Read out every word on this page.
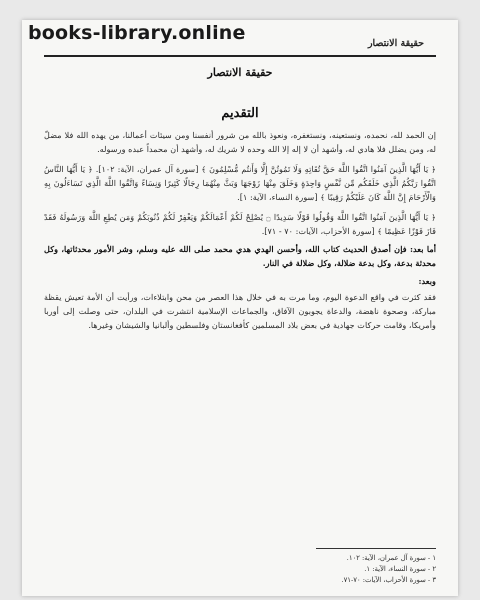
books-library.online	حقيقة الانتصار
حقيقة الانتصار
التقديم

إن الحمد لله، نحمده، ونستعينه، ونستغفره، ونعوذ بالله من شرور أنفسنا ومن سيئات أعمالنا، من يهده الله فلا مضلّ له، ومن يضلل فلا هادي له، وأشهد أن لا إله إلا الله وحده لا شريك له، وأشهد أن محمداً عبده ورسوله.

﴿ يَا أَيُّهَا الَّذِينَ آمَنُوا اتَّقُوا اللَّهَ حَقَّ تُقَاتِهِ وَلَا تَمُوتُنَّ إِلَّا وَأَنتُم مُّسْلِمُونَ ﴾ [سورة آل عمران، الآية: ١٠٢]. ﴿ يَا أَيُّهَا النَّاسُ اتَّقُوا رَبَّكُمُ الَّذِي خَلَقَكُم مِّن نَّفْسٍ وَاحِدَةٍ وَخَلَقَ مِنْهَا زَوْجَهَا وَبَثَّ مِنْهُمَا رِجَالًا كَثِيرًا وَنِسَاءً وَاتَّقُوا اللَّهَ الَّذِي تَسَاءَلُونَ بِهِ وَالْأَرْحَامَ إِنَّ اللَّهَ كَانَ عَلَيْكُمْ رَقِيبًا ﴾ [سورة النساء، الآية: ١].

﴿ يَا أَيُّهَا الَّذِينَ آمَنُوا اتَّقُوا اللَّهَ وَقُولُوا قَوْلًا سَدِيدًا ۝ يُصْلِحْ لَكُمْ أَعْمَالَكُمْ وَيَغْفِرْ لَكُمْ ذُنُوبَكُمْ وَمَن يُطِعِ اللَّهَ وَرَسُولَهُ فَقَدْ فَازَ فَوْزًا عَظِيمًا ﴾ [سورة الأحزاب، الآيات: ٧٠ - ٧١].

أما بعد: فإن أصدق الحديث كتاب الله، وأحسن الهدي هدي محمد صلى الله عليه وسلم، وشر الأمور محدثاتها، وكل محدثة بدعة، وكل بدعة ضلالة، وكل ضلالة في النار.

وبعد:

فقد كثرت في واقع الدعوة اليوم، وما مرت به في خلال هذا العصر من محن وابتلاءات، ورأيت أن الأمة تعيش يقظة مباركة، وصحوة ناهضة، والدعاة يجوبون الآفاق، والجماعات الإسلامية انتشرت في البلدان، حتى وصلت إلى أوربا وأمريكا، وقامت حركات جهادية في بعض بلاد المسلمين كأفغانستان وفلسطين وألبانيا والشيشان وغيرها.

١ - سورة آل عمران، الآية: ١٠٢.
٢ - سورة النساء، الآية: ١.
٣ - سورة الأحزاب، الآيات: ٧٠-٧١.
